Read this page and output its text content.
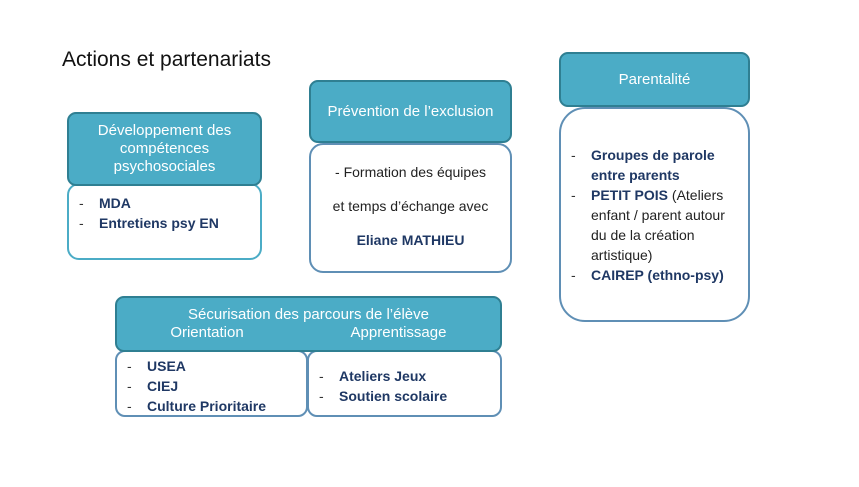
Actions et partenariats
Développement des compétences psychosociales
- MDA
- Entretiens psy EN
Prévention de l’exclusion
- Formation des équipes
et temps d’échange avec
Eliane MATHIEU
Parentalité
- Groupes de parole entre parents
- PETIT POIS (Ateliers enfant / parent autour du de la création artistique)
- CAIREP (ethno-psy)
Sécurisation des parcours de l’élève
Orientation	Apprentissage
- USEA
- CIEJ
- Culture Prioritaire
- Ateliers Jeux
- Soutien scolaire
